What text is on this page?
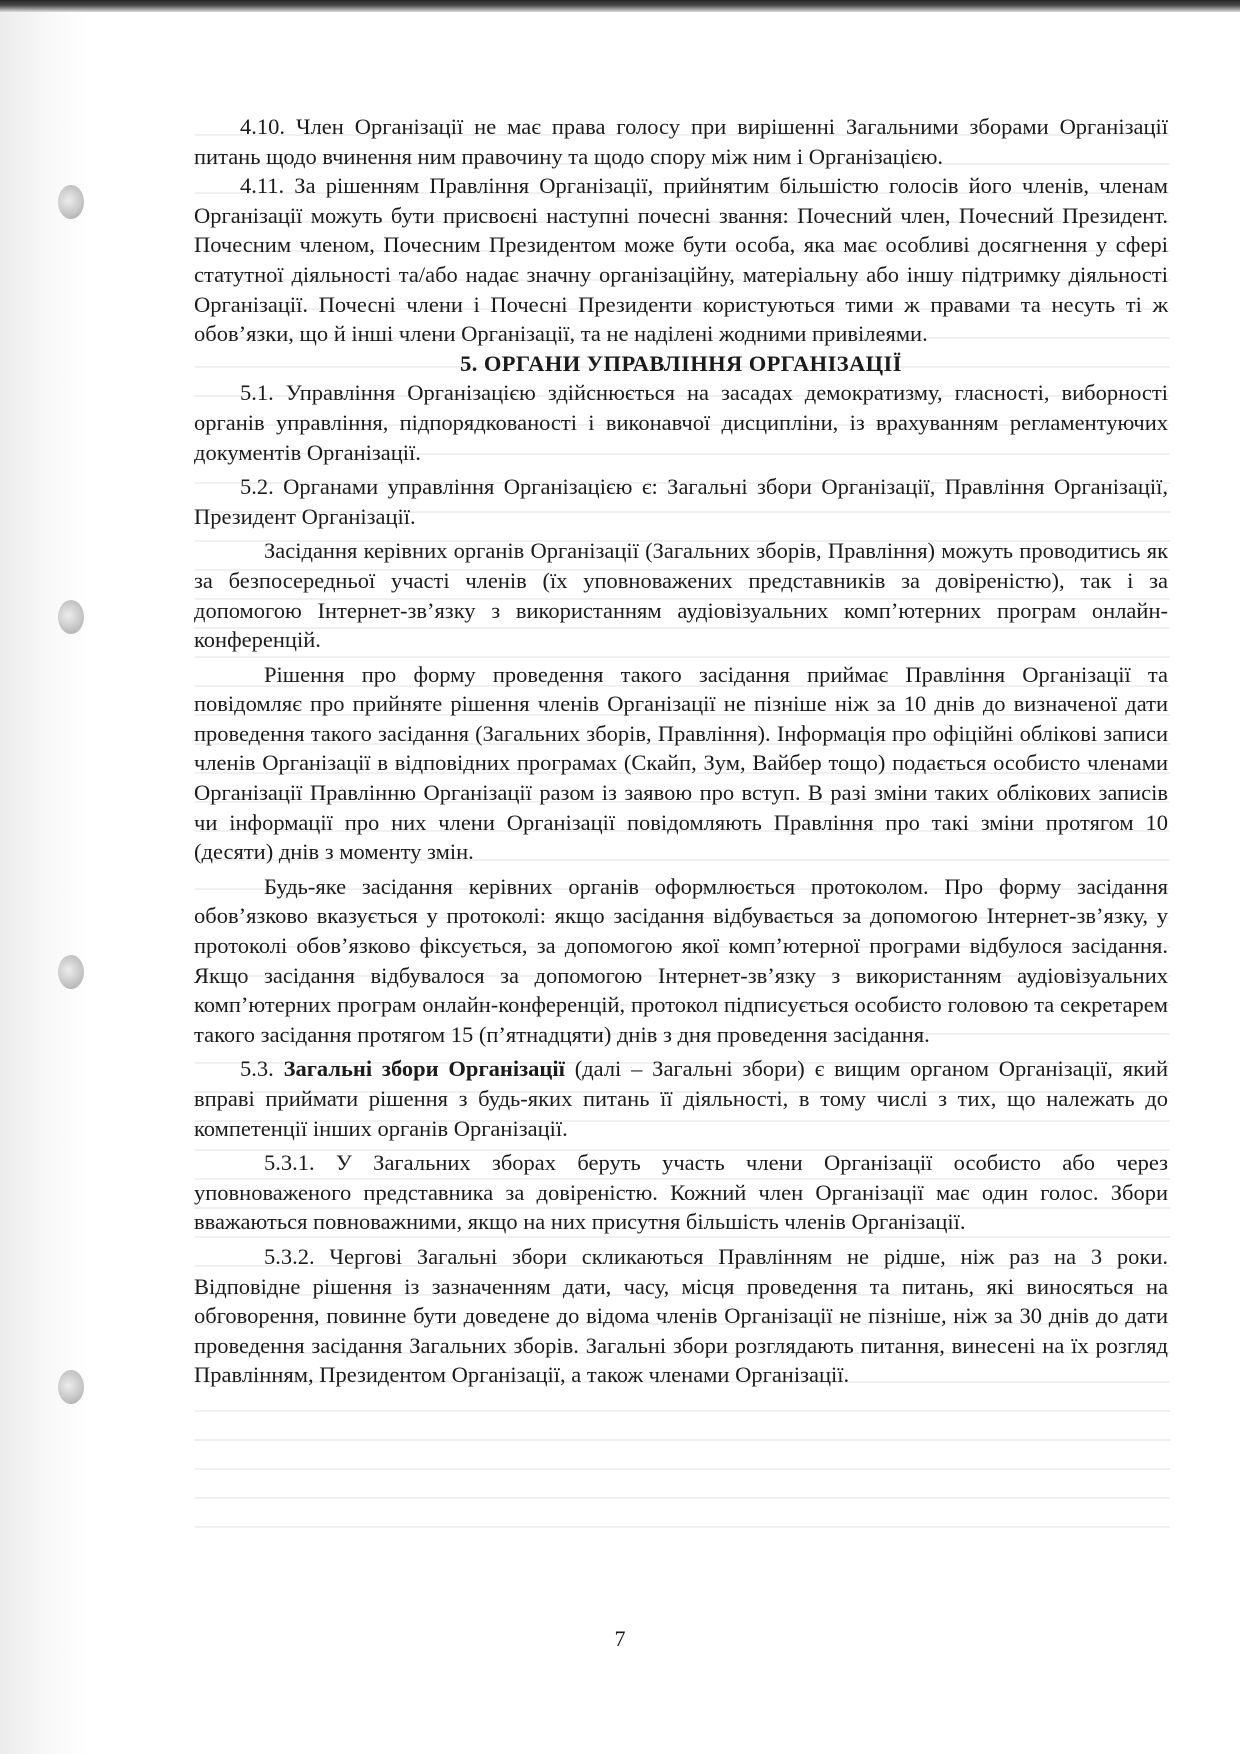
4.10. Член Організації не має права голосу при вирішенні Загальними зборами Організації питань щодо вчинення ним правочину та щодо спору між ним і Організацією.

4.11. За рішенням Правління Організації, прийнятим більшістю голосів його членів, членам Організації можуть бути присвоєні наступні почесні звання: Почесний член, Почесний Президент. Почесним членом, Почесним Президентом може бути особа, яка має особливі досягнення у сфері статутної діяльності та/або надає значну організаційну, матеріальну або іншу підтримку діяльності Організації. Почесні члени і Почесні Президенти користуються тими ж правами та несуть ті ж обов’язки, що й інші члени Організації, та не наділені жодними привілеями.

5. ОРГАНИ УПРАВЛІННЯ ОРГАНІЗАЦІЇ

5.1. Управління Організацією здійснюється на засадах демократизму, гласності, виборності органів управління, підпорядкованості і виконавчої дисципліни, із врахуванням регламентуючих документів Організації.

5.2. Органами управління Організацією є: Загальні збори Організації, Правління Організації, Президент Організації.

Засідання керівних органів Організації (Загальних зборів, Правління) можуть проводитись як за безпосередньої участі членів (їх уповноважених представників за довіреністю), так і за допомогою Інтернет-зв’язку з використанням аудіовізуальних комп’ютерних програм онлайн-конференцій.

Рішення про форму проведення такого засідання приймає Правління Організації та повідомляє про прийняте рішення членів Організації не пізніше ніж за 10 днів до визначеної дати проведення такого засідання (Загальних зборів, Правління). Інформація про офіційні облікові записи членів Організації в відповідних програмах (Скайп, Зум, Вайбер тощо) подається особисто членами Організації Правлінню Організації разом із заявою про вступ. В разі зміни таких облікових записів чи інформації про них члени Організації повідомляють Правління про такі зміни протягом 10 (десяти) днів з моменту змін.

Будь-яке засідання керівних органів оформлюється протоколом. Про форму засідання обов’язково вказується у протоколі: якщо засідання відбувається за допомогою Інтернет-зв’язку, у протоколі обов’язково фіксується, за допомогою якої комп’ютерної програми відбулося засідання. Якщо засідання відбувалося за допомогою Інтернет-зв’язку з використанням аудіовізуальних комп’ютерних програм онлайн-конференцій, протокол підписується особисто головою та секретарем такого засідання протягом 15 (п’ятнадцяти) днів з дня проведення засідання.

5.3. Загальні збори Організації (далі – Загальні збори) є вищим органом Організації, який вправі приймати рішення з будь-яких питань її діяльності, в тому числі з тих, що належать до компетенції інших органів Організації.

5.3.1. У Загальних зборах беруть участь члени Організації особисто або через уповноваженого представника за довіреністю. Кожний член Організації має один голос. Збори вважаються повноважними, якщо на них присутня більшість членів Організації.

5.3.2. Чергові Загальні збори скликаються Правлінням не рідше, ніж раз на 3 роки. Відповідне рішення із зазначенням дати, часу, місця проведення та питань, які виносяться на обговорення, повинне бути доведене до відома членів Організації не пізніше, ніж за 30 днів до дати проведення засідання Загальних зборів. Загальні збори розглядають питання, винесені на їх розгляд Правлінням, Президентом Організації, а також членами Організації.

7
